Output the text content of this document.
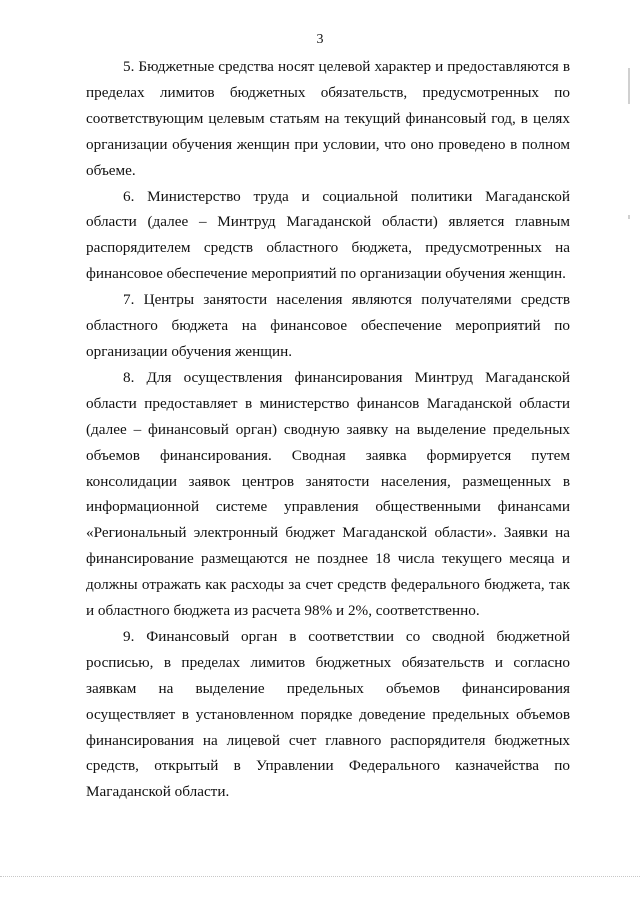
3

5. Бюджетные средства носят целевой характер и предоставляются в пределах лимитов бюджетных обязательств, предусмотренных по соответствующим целевым статьям на текущий финансовый год, в целях организации обучения женщин при условии, что оно проведено в полном объеме.

6. Министерство труда и социальной политики Магаданской области (далее – Минтруд Магаданской области) является главным распорядителем средств областного бюджета, предусмотренных на финансовое обеспечение мероприятий по организации обучения женщин.

7. Центры занятости населения являются получателями средств областного бюджета на финансовое обеспечение мероприятий по организации обучения женщин.

8. Для осуществления финансирования Минтруд Магаданской области предоставляет в министерство финансов Магаданской области (далее – финансовый орган) сводную заявку на выделение предельных объемов финансирования. Сводная заявка формируется путем консолидации заявок центров занятости населения, размещенных в информационной системе управления общественными финансами «Региональный электронный бюджет Магаданской области». Заявки на финансирование размещаются не позднее 18 числа текущего месяца и должны отражать как расходы за счет средств федерального бюджета, так и областного бюджета из расчета 98% и 2%, соответственно.

9. Финансовый орган в соответствии со сводной бюджетной росписью, в пределах лимитов бюджетных обязательств и согласно заявкам на выделение предельных объемов финансирования осуществляет в установленном порядке доведение предельных объемов финансирования на лицевой счет главного распорядителя бюджетных средств, открытый в Управлении Федерального казначейства по Магаданской области.
